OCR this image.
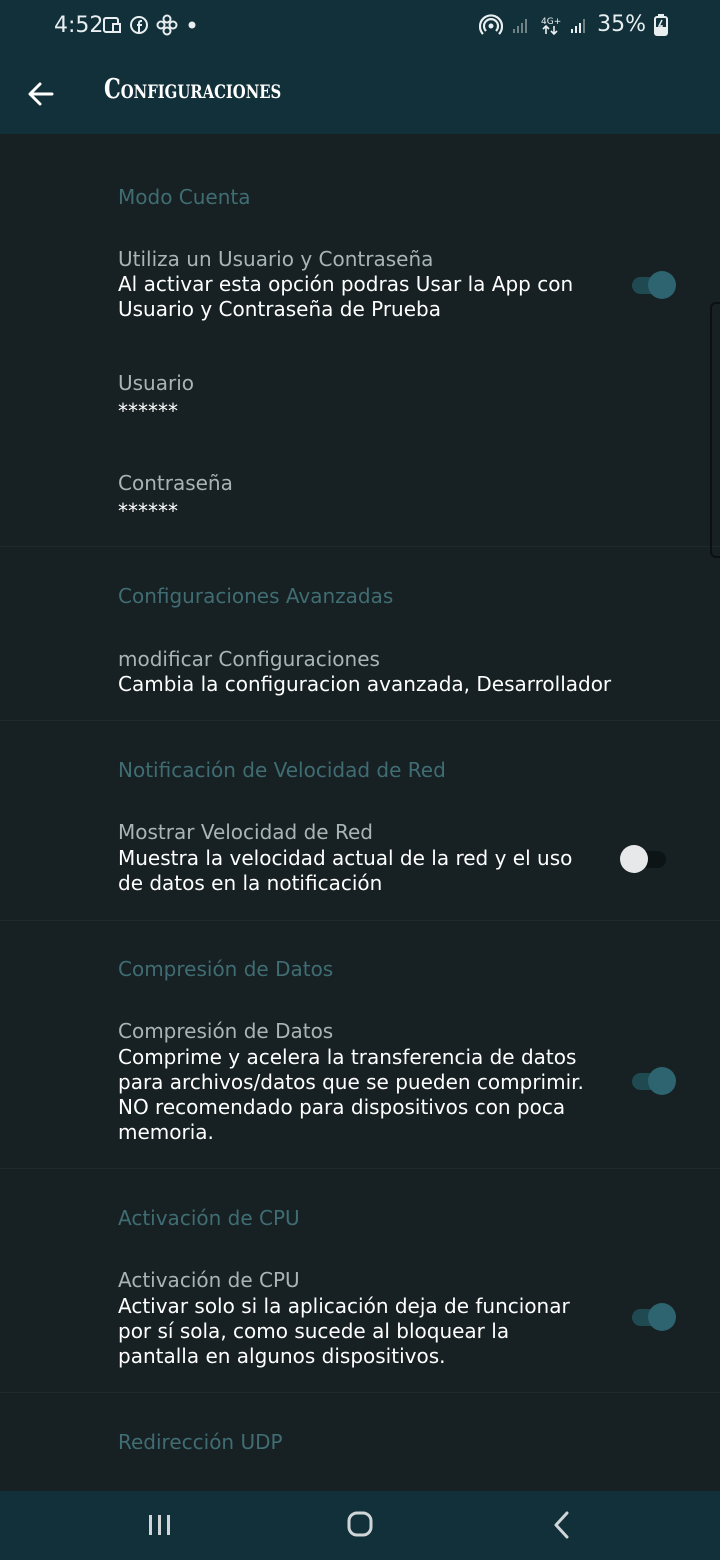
4:52	4G+ 35%
Configuraciones
Modo Cuenta
Utiliza un Usuario y Contraseña
Al activar esta opción podras Usar la App con Usuario y Contraseña de Prueba
Usuario
******
Contraseña
******
Configuraciones Avanzadas
modificar Configuraciones
Cambia la configuracion avanzada, Desarrollador
Notificación de Velocidad de Red
Mostrar Velocidad de Red
Muestra la velocidad actual de la red y el uso de datos en la notificación
Compresión de Datos
Compresión de Datos
Comprime y acelera la transferencia de datos para archivos/datos que se pueden comprimir. NO recomendado para dispositivos con poca memoria.
Activación de CPU
Activación de CPU
Activar solo si la aplicación deja de funcionar por sí sola, como sucede al bloquear la pantalla en algunos dispositivos.
Redirección UDP
